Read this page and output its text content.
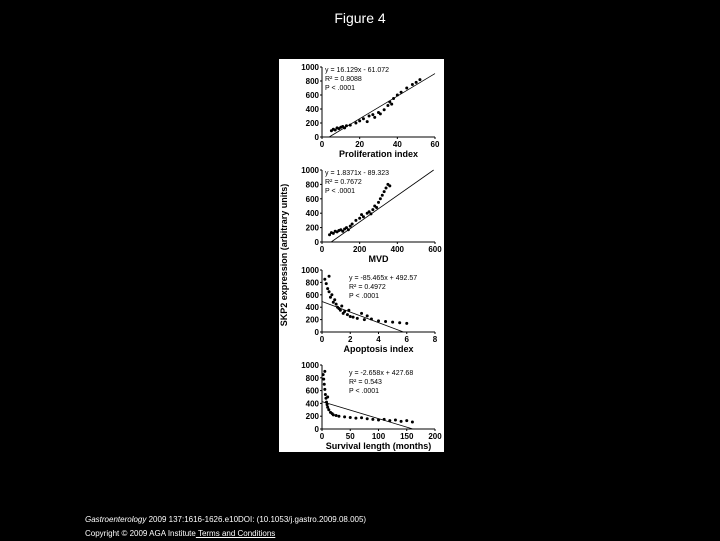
Figure 4
SKP2 expression (arbitrary units)
0
200
400
600
800
1000
0	20	40	60
Proliferation index
y = 16.129x - 61.072
R² = 0.8088
P < .0001
0
200
400
600
800
1000
0	200	400	600
MVD
y = 1.8371x - 89.323
R² = 0.7672
P < .0001
0
200
400
600
800
1000
0	2	4	6	8
Apoptosis index
y = -85.465x + 492.57
R² = 0.4972
P < .0001
0
200
400
600
800
1000
0	50 100 150 200
Survival length (months)
y = -2.658x + 427.68
R² = 0.543
P < .0001
Gastroenterology 2009 137:1616-1626.e10DOI: (10.1053/j.gastro.2009.08.005)
Copyright © 2009 AGA Institute Terms and Conditions
